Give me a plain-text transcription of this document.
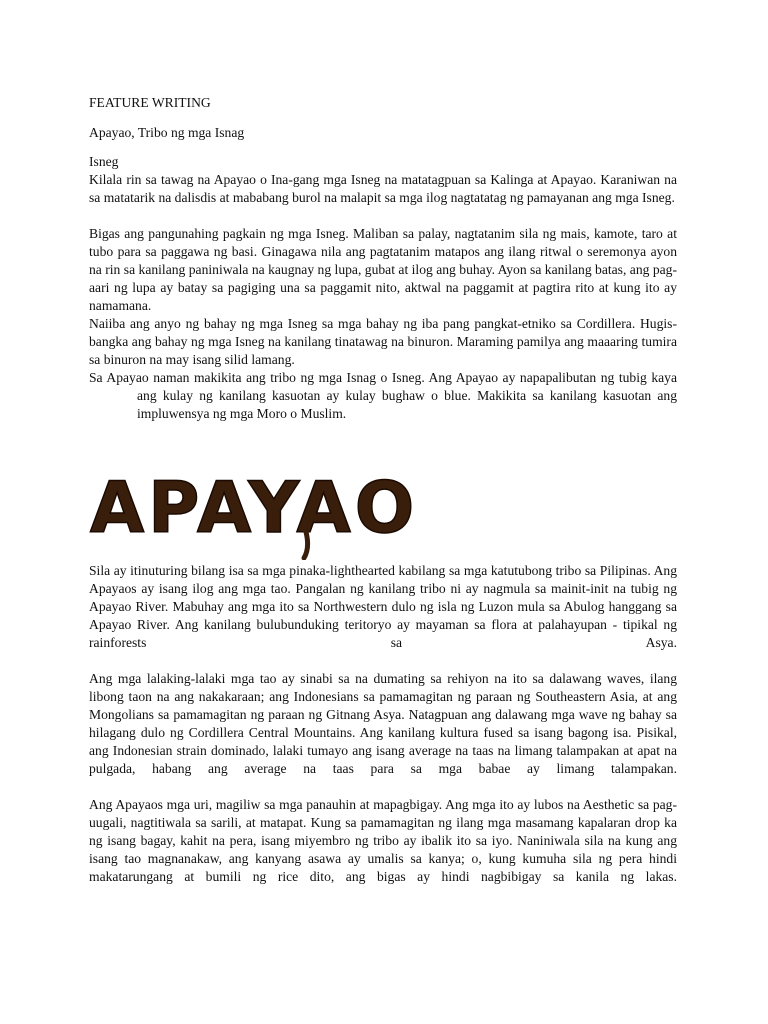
FEATURE WRITING

Apayao, Tribo ng mga Isnag

Isneg

Kilala rin sa tawag na Apayao o Ina-gang mga Isneg na matatagpuan sa Kalinga at Apayao. Karaniwan na sa matatarik na dalisdis at mababang burol na malapit sa mga ilog nagtatatag ng pamayanan ang mga Isneg.

Bigas ang pangunahing pagkain ng mga Isneg. Maliban sa palay, nagtatanim sila ng mais, kamote, taro at tubo para sa paggawa ng basi. Ginagawa nila ang pagtatanim matapos ang ilang ritwal o seremonya ayon na rin sa kanilang paniniwala na kaugnay ng lupa, gubat at ilog ang buhay. Ayon sa kanilang batas, ang pag-aari ng lupa ay batay sa pagiging una sa paggamit nito, aktwal na paggamit at pagtira rito at kung ito ay namamana.

Naiiba ang anyo ng bahay ng mga Isneg sa mga bahay ng iba pang pangkat-etniko sa Cordillera. Hugis-bangka ang bahay ng mga Isneg na kanilang tinatawag na binuron. Maraming pamilya ang maaaring tumira sa binuron na may isang silid lamang.

Sa Apayao naman makikita ang tribo ng mga Isnag o Isneg. Ang Apayao ay napapalibutan ng tubig kaya ang kulay ng kanilang kasuotan ay kulay bughaw o blue. Makikita sa kanilang kasuotan ang impluwensya ng mga Moro o Muslim.

APAYAO

Sila ay itinuturing bilang isa sa mga pinaka-lighthearted kabilang sa mga katutubong tribo sa Pilipinas. Ang Apayaos ay isang ilog ang mga tao. Pangalan ng kanilang tribo ni ay nagmula sa mainit-init na tubig ng Apayao River. Mabuhay ang mga ito sa Northwestern dulo ng isla ng Luzon mula sa Abulog hanggang sa Apayao River. Ang kanilang bulubunduking teritoryo ay mayaman sa flora at palahayupan - tipikal ng rainforests sa Asya.

Ang mga lalaking-lalaki mga tao ay sinabi sa na dumating sa rehiyon na ito sa dalawang waves, ilang libong taon na ang nakakaraan; ang Indonesians sa pamamagitan ng paraan ng Southeastern Asia, at ang Mongolians sa pamamagitan ng paraan ng Gitnang Asya. Natagpuan ang dalawang mga wave ng bahay sa hilagang dulo ng Cordillera Central Mountains. Ang kanilang kultura fused sa isang bagong isa. Pisikal, ang Indonesian strain dominado, lalaki tumayo ang isang average na taas na limang talampakan at apat na pulgada, habang ang average na taas para sa mga babae ay limang talampakan.

Ang Apayaos mga uri, magiliw sa mga panauhin at mapagbigay. Ang mga ito ay lubos na Aesthetic sa pag-uugali, nagtitiwala sa sarili, at matapat. Kung sa pamamagitan ng ilang mga masamang kapalaran drop ka ng isang bagay, kahit na pera, isang miyembro ng tribo ay ibalik ito sa iyo. Naniniwala sila na kung ang isang tao magnanakaw, ang kanyang asawa ay umalis sa kanya; o, kung kumuha sila ng pera hindi makatarungang at bumili ng rice dito, ang bigas ay hindi nagbibigay sa kanila ng lakas.
